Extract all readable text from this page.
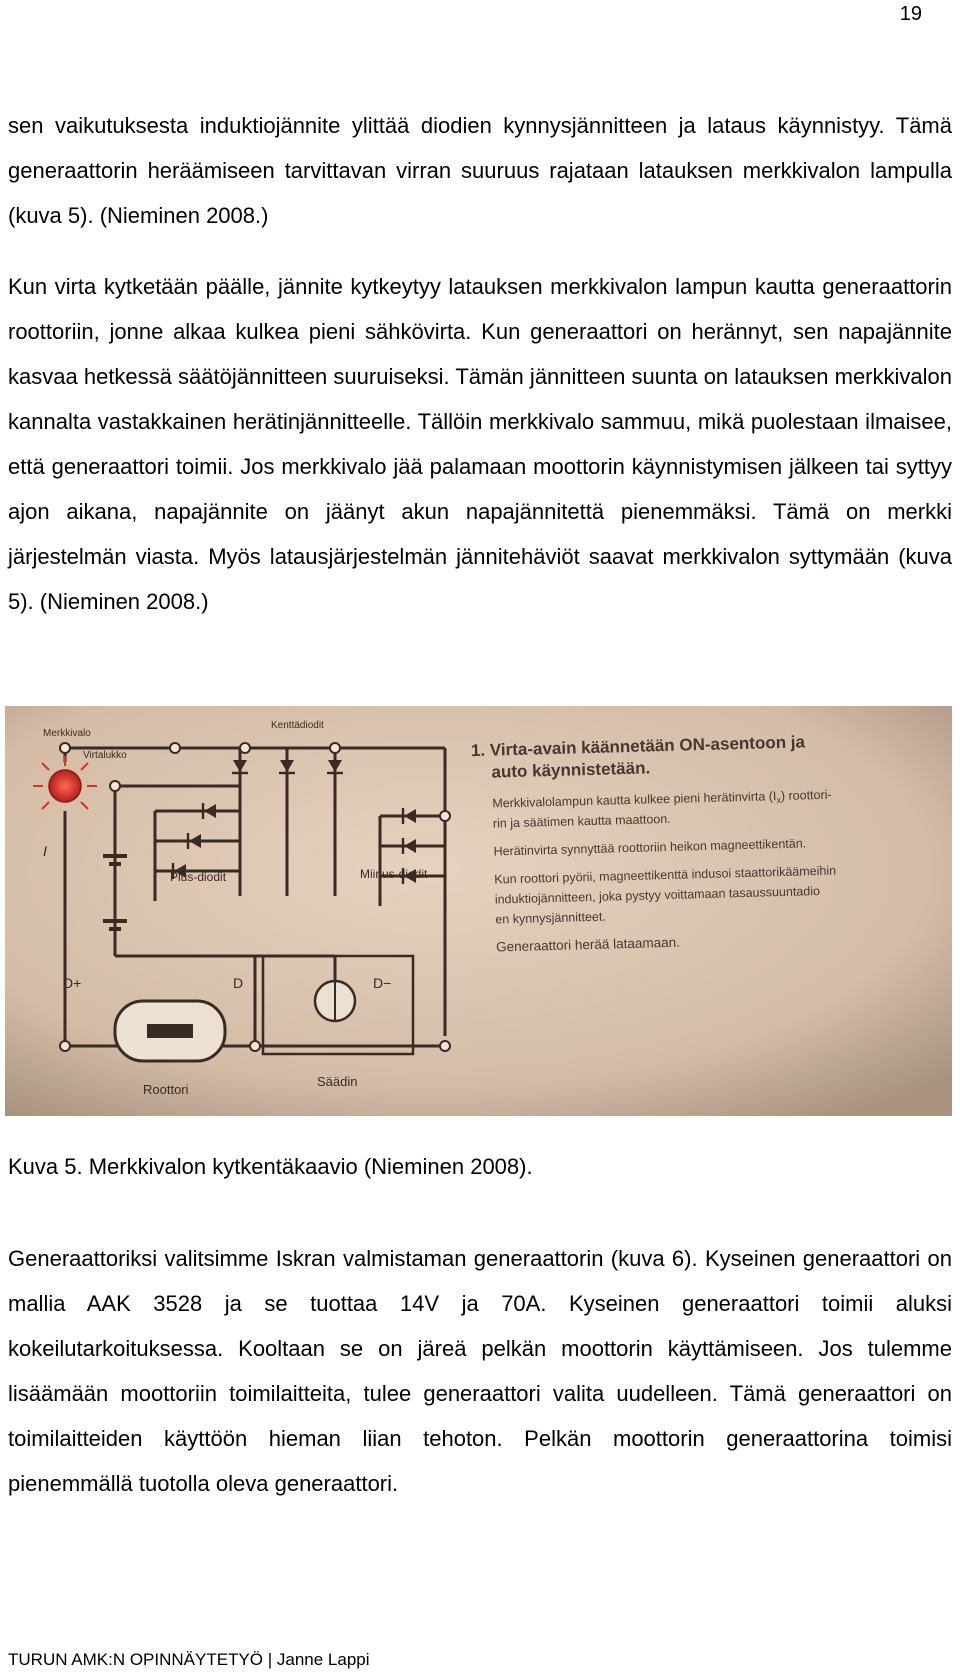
19

sen vaikutuksesta induktiojännite ylittää diodien kynnysjännitteen ja lataus käynnistyy. Tämä generaattorin heräämiseen tarvittavan virran suuruus rajataan latauksen merkkivalon lampulla (kuva 5). (Nieminen 2008.)

Kun virta kytketään päälle, jännite kytkeytyy latauksen merkkivalon lampun kautta generaattorin roottoriin, jonne alkaa kulkea pieni sähkövirta. Kun generaattori on herännyt, sen napajännite kasvaa hetkessä säätöjännitteen suuruiseksi. Tämän jännitteen suunta on latauksen merkkivalon kannalta vastakkainen herätinjännitteelle. Tällöin merkkivalo sammuu, mikä puolestaan ilmaisee, että generaattori toimii. Jos merkkivalo jää palamaan moottorin käynnistymisen jälkeen tai syttyy ajon aikana, napajännite on jäänyt akun napajännitettä pienemmäksi. Tämä on merkki järjestelmän viasta. Myös latausjärjestelmän jännitehäviöt saavat merkkivalon syttymään (kuva 5). (Nieminen 2008.)

Merkkivalo
Virtalukko
Kenttädiodit
Plus-diodit	Miinus-diodit
I
D+	D	D−
Roottori
Säädin
1. Virta-avain käännetään ON-asentoon ja
auto käynnistetään.
Merkkivalolampun kautta kulkee pieni herätinvirta $(I_x)$ roottori-
rin ja säätimen kautta maattoon.
Herätinvirta synnyttää roottoriin heikon magneettikentän.
Kun roottori pyörii, magneettikenttä indusoi staattorikäämeihin
induktiojännitteen, joka pystyy voittamaan tasaussuuntadio
en kynnysjännitteet.
Generaattori herää lataamaan.

Kuva 5. Merkkivalon kytkentäkaavio (Nieminen 2008).

Generaattoriksi valitsimme Iskran valmistaman generaattorin (kuva 6). Kyseinen generaattori on mallia AAK 3528 ja se tuottaa 14V ja 70A. Kyseinen generaattori toimii aluksi kokeilutarkoituksessa. Kooltaan se on järeä pelkän moottorin käyttämiseen. Jos tulemme lisäämään moottoriin toimilaitteita, tulee generaattori valita uudelleen. Tämä generaattori on toimilaitteiden käyttöön hieman liian tehoton. Pelkän moottorin generaattorina toimisi pienemmällä tuotolla oleva generaattori.

TURUN AMK:N OPINNÄYTETYÖ | Janne Lappi
